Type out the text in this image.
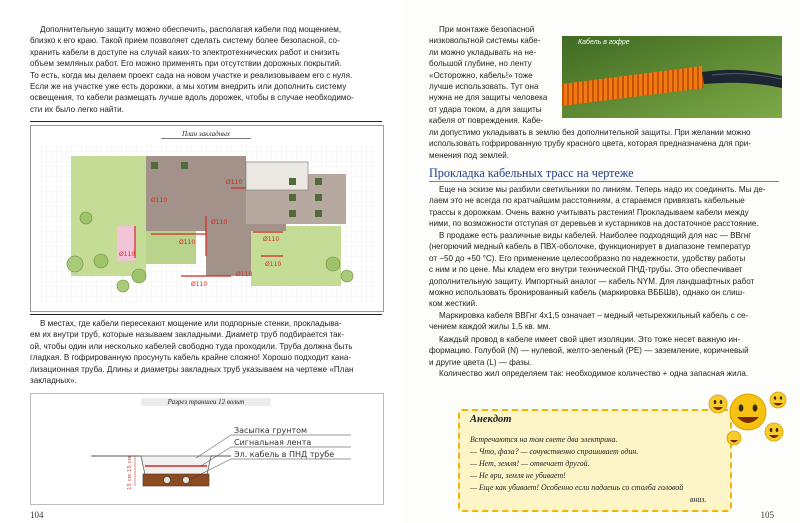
Дополнительную защиту можно обеспечить, располагая кабели под мощением,
близко к его краю. Такой прием позволяет сделать систему более безопасной, со-
хранить кабели в доступе на случай каких-то электротехнических работ и снизить
объем земляных работ. Его можно применять при отсутствии дорожных покрытий.
То есть, когда мы делаем проект сада на новом участке и реализовываем его с нуля.
Если же на участке уже есть дорожки, а мы хотим внедрить или дополнить систему
освещения, то кабели размещать лучше вдоль дорожек, чтобы в случае необходимо-
сти их было легко найти.

План закладных
Ø110
Ø110
Ø110
Ø110	Ø110
Ø110
Ø110
Ø110
Ø110

В местах, где кабели пересекают мощение или подпорные стенки, прокладыва-
ем их внутри труб, которые называем закладными. Диаметр труб подбирается так-
ой, чтобы один или несколько кабелей свободно туда проходили. Труба должна быть
гладкая. В гофрированную просунуть кабель крайне сложно! Хорошо подходит кана-
лизационная труба. Длины и диаметры закладных труб указываем на чертеже «План
закладных».

Разрез траншеи 12 вольт
Засыпка грунтом
Сигнальная лента
Эл. кабель в ПНД трубе
15 см
15 см
104

При монтаже безопасной
низковольтной системы кабе-
ли можно укладывать на не-
большой глубине, но ленту
«Осторожно, кабель!» тоже
лучше использовать. Тут она
нужна не для защиты человека
от удара током, а для защиты
кабеля от повреждения. Кабе-

Кабель в гофре

ли допустимо укладывать в землю без дополнительной защиты. При желании можно
использовать гофрированную трубу красного цвета, которая предназначена для при-
менения под землей.

Прокладка кабельных трасс на чертеже

Еще на эскизе мы разбили светильники по линиям. Теперь надо их соединить. Мы де-
лаем это не всегда по кратчайшим расстояниям, а стараемся привязать кабельные
трассы к дорожкам. Очень важно учитывать растения! Прокладываем кабели между
ними, по возможности отступая от деревьев и кустарников на достаточное расстояние.

В продаже есть различные виды кабелей. Наиболее подходящий для нас — ВВгнг
(негорючий медный кабель в ПВХ-оболочке, функционирует в диапазоне температур
от −50 до +50 °С). Его применение целесообразно по надежности, удобству работы
с ним и по цене. Мы кладем его внутри технической ПНД-трубы. Это обеспечивает
дополнительную защиту. Импортный аналог — кабель NYM. Для ландшафтных работ
можно использовать бронированный кабель (маркировка ВББШв), однако он слиш-
ком жесткий.

Маркировка кабеля ВВГнг 4х1,5 означает – медный четырехжильный кабель с се-
чением каждой жилы 1,5 кв. мм.

Каждый провод в кабеле имеет свой цвет изоляции. Это тоже несет важную ин-
формацию. Голубой (N) — нулевой, желто-зеленый (PE) — заземление, коричневый
и другие цвета (L) — фазы.

Количество жил определяем так: необходимое количество + одна запасная жила.

Анекдот
Встречаются на том свете два электрика.
— Что, фаза? — сочувственно спрашивает один.
— Нет, земля! — отвечает другой.
— Не ври, земля не убивает!
— Еще как убивает! Особенно если падаешь со столба головой
вниз.
105
